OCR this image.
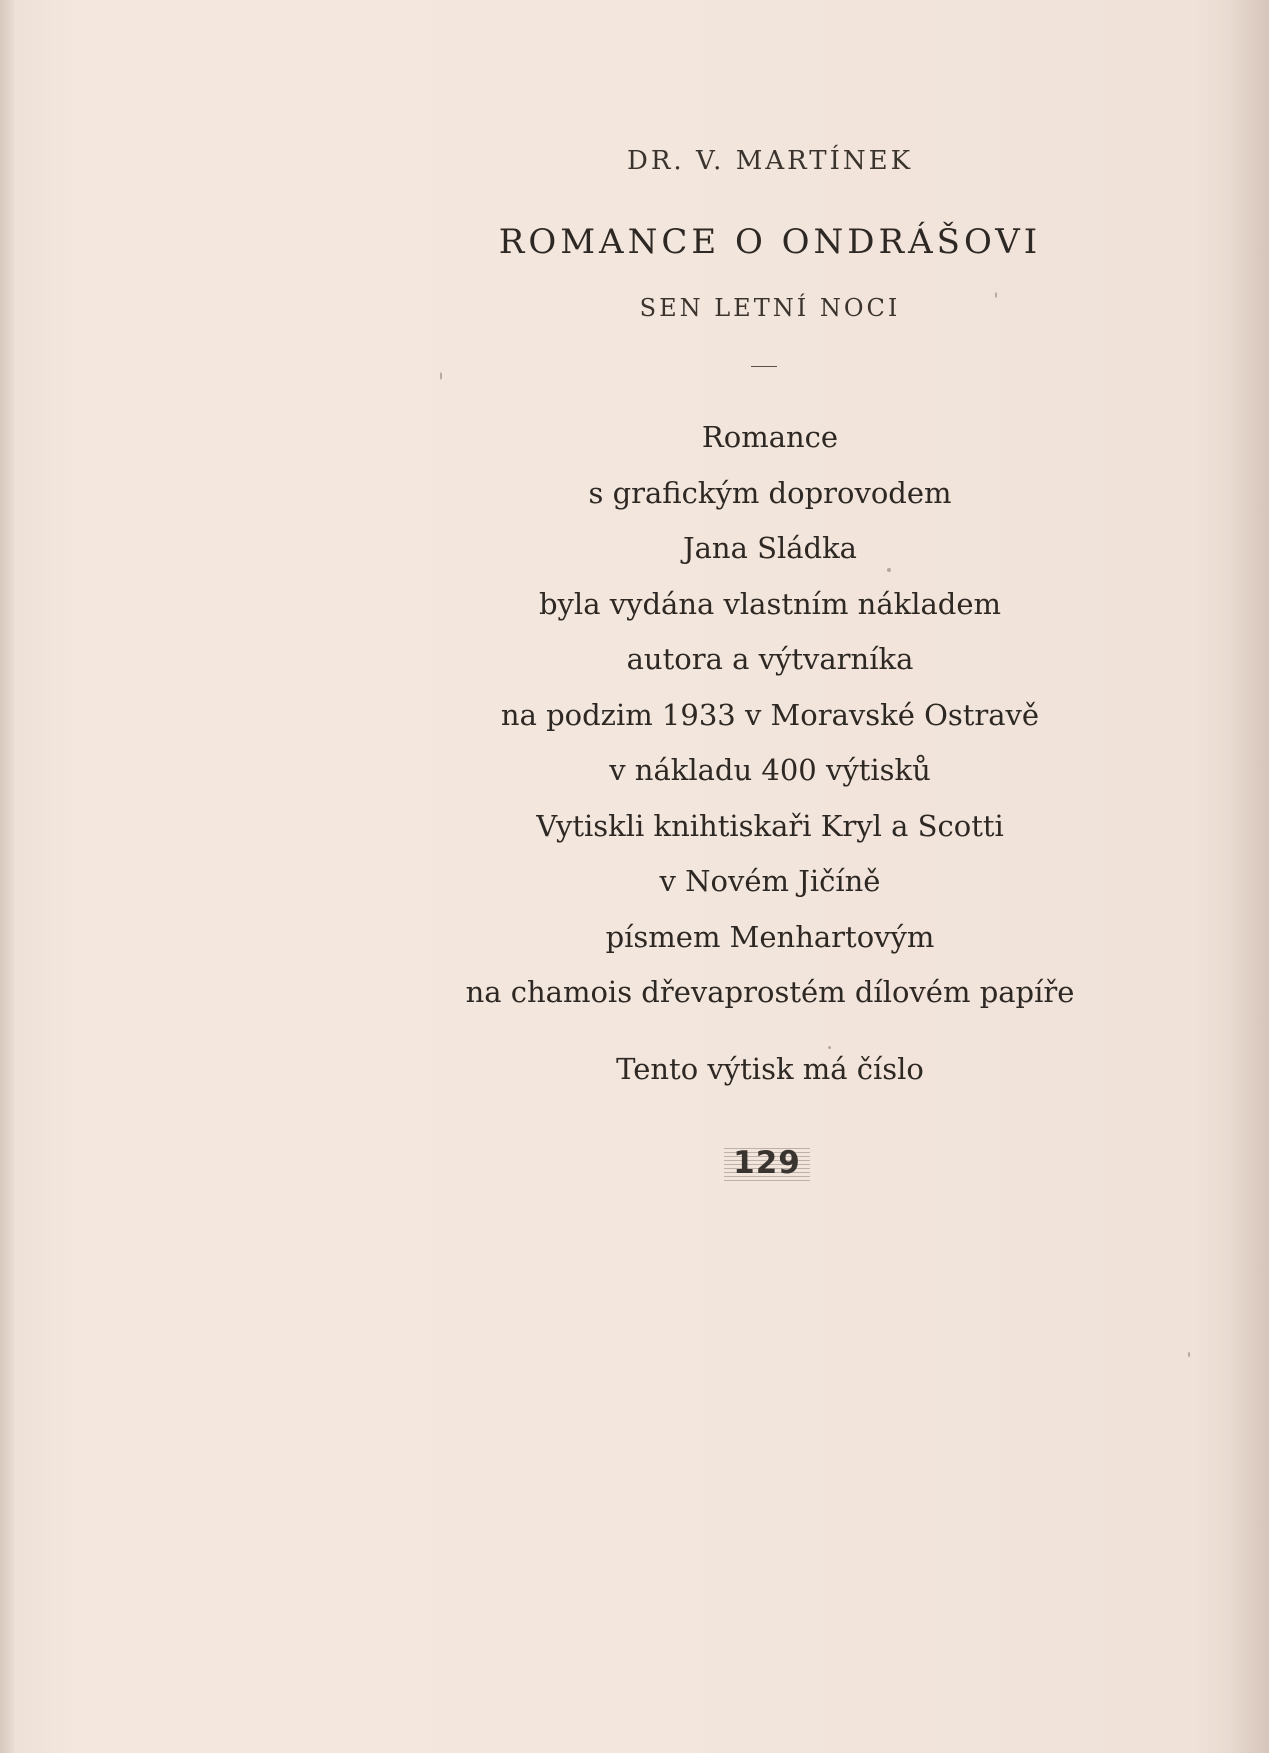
DR. V. MARTÍNEK
ROMANCE O ONDRÁŠOVI
SEN LETNÍ NOCI
Romance
s grafickým doprovodem
Jana Sládka
byla vydána vlastním nákladem
autora a výtvarníka
na podzim 1933 v Moravské Ostravě
v nákladu 400 výtisků
Vytiskli knihtiskaři Kryl a Scotti
v Novém Jičíně
písmem Menhartovým
na chamois dřevaprostém dílovém papíře
Tento výtisk má číslo
129
